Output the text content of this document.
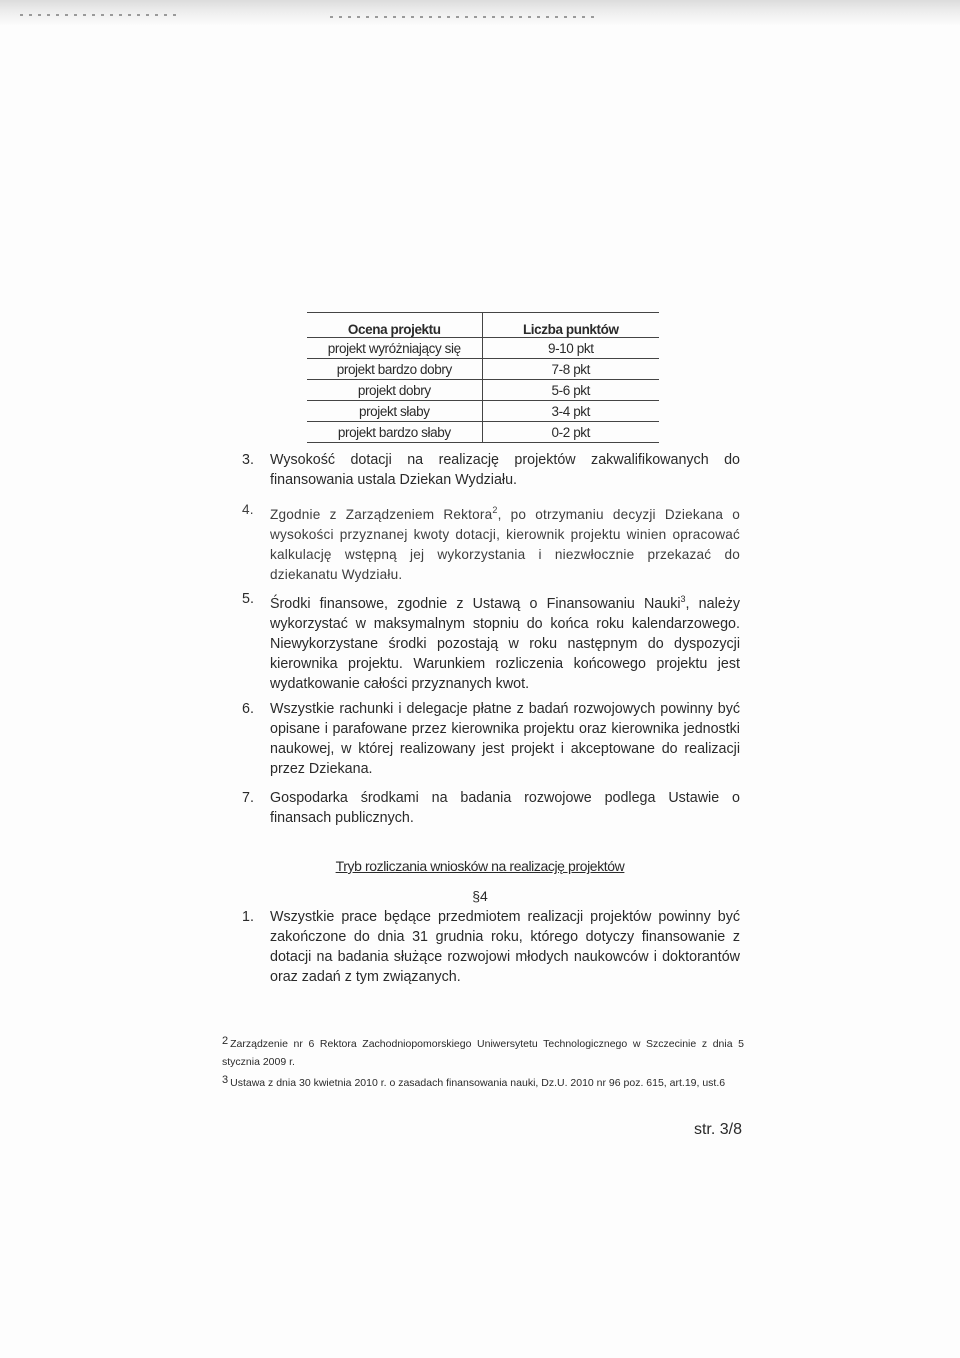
Ocena projektu	Liczba punktów
projekt wyróżniający się	9-10 pkt
projekt bardzo dobry	7-8 pkt
projekt dobry	5-6 pkt
projekt słaby	3-4 pkt
projekt bardzo słaby	0-2 pkt
3. Wysokość dotacji na realizację projektów zakwalifikowanych do
finansowania ustala Dziekan Wydziału.
4. Zgodnie z Zarządzeniem Rektora$^2$, po otrzymaniu decyzji Dziekana o wysokości przyznanej kwoty dotacji, kierownik projektu winien opracować kalkulację wstępną jej wykorzystania i niezwłocznie przekazać do dziekanatu Wydziału.
5. Środki finansowe, zgodnie z Ustawą o Finansowaniu Nauki$^3$, należy wykorzystać w maksymalnym stopniu do końca roku kalendarzowego. Niewykorzystane środki pozostają w roku następnym do dyspozycji kierownika projektu. Warunkiem rozliczenia końcowego projektu jest wydatkowanie całości przyznanych kwot.
6. Wszystkie rachunki i delegacje płatne z badań rozwojowych powinny być opisane i parafowane przez kierownika projektu oraz kierownika jednostki naukowej, w której realizowany jest projekt i akceptowane do realizacji przez Dziekana.
7. Gospodarka środkami na badania rozwojowe podlega Ustawie o finansach publicznych.
Tryb rozliczania wniosków na realizację projektów
§4
1. Wszystkie prace będące przedmiotem realizacji projektów powinny być zakończone do dnia 31 grudnia roku, którego dotyczy finansowanie z dotacji na badania służące rozwojowi młodych naukowców i doktorantów oraz zadań z tym związanych.
$^2$ Zarządzenie nr 6 Rektora Zachodniopomorskiego Uniwersytetu Technologicznego w Szczecinie z dnia 5 stycznia 2009 r.
$^3$ Ustawa z dnia 30 kwietnia 2010 r. o zasadach finansowania nauki, Dz.U. 2010 nr 96 poz. 615, art.19, ust.6
str. 3/8
